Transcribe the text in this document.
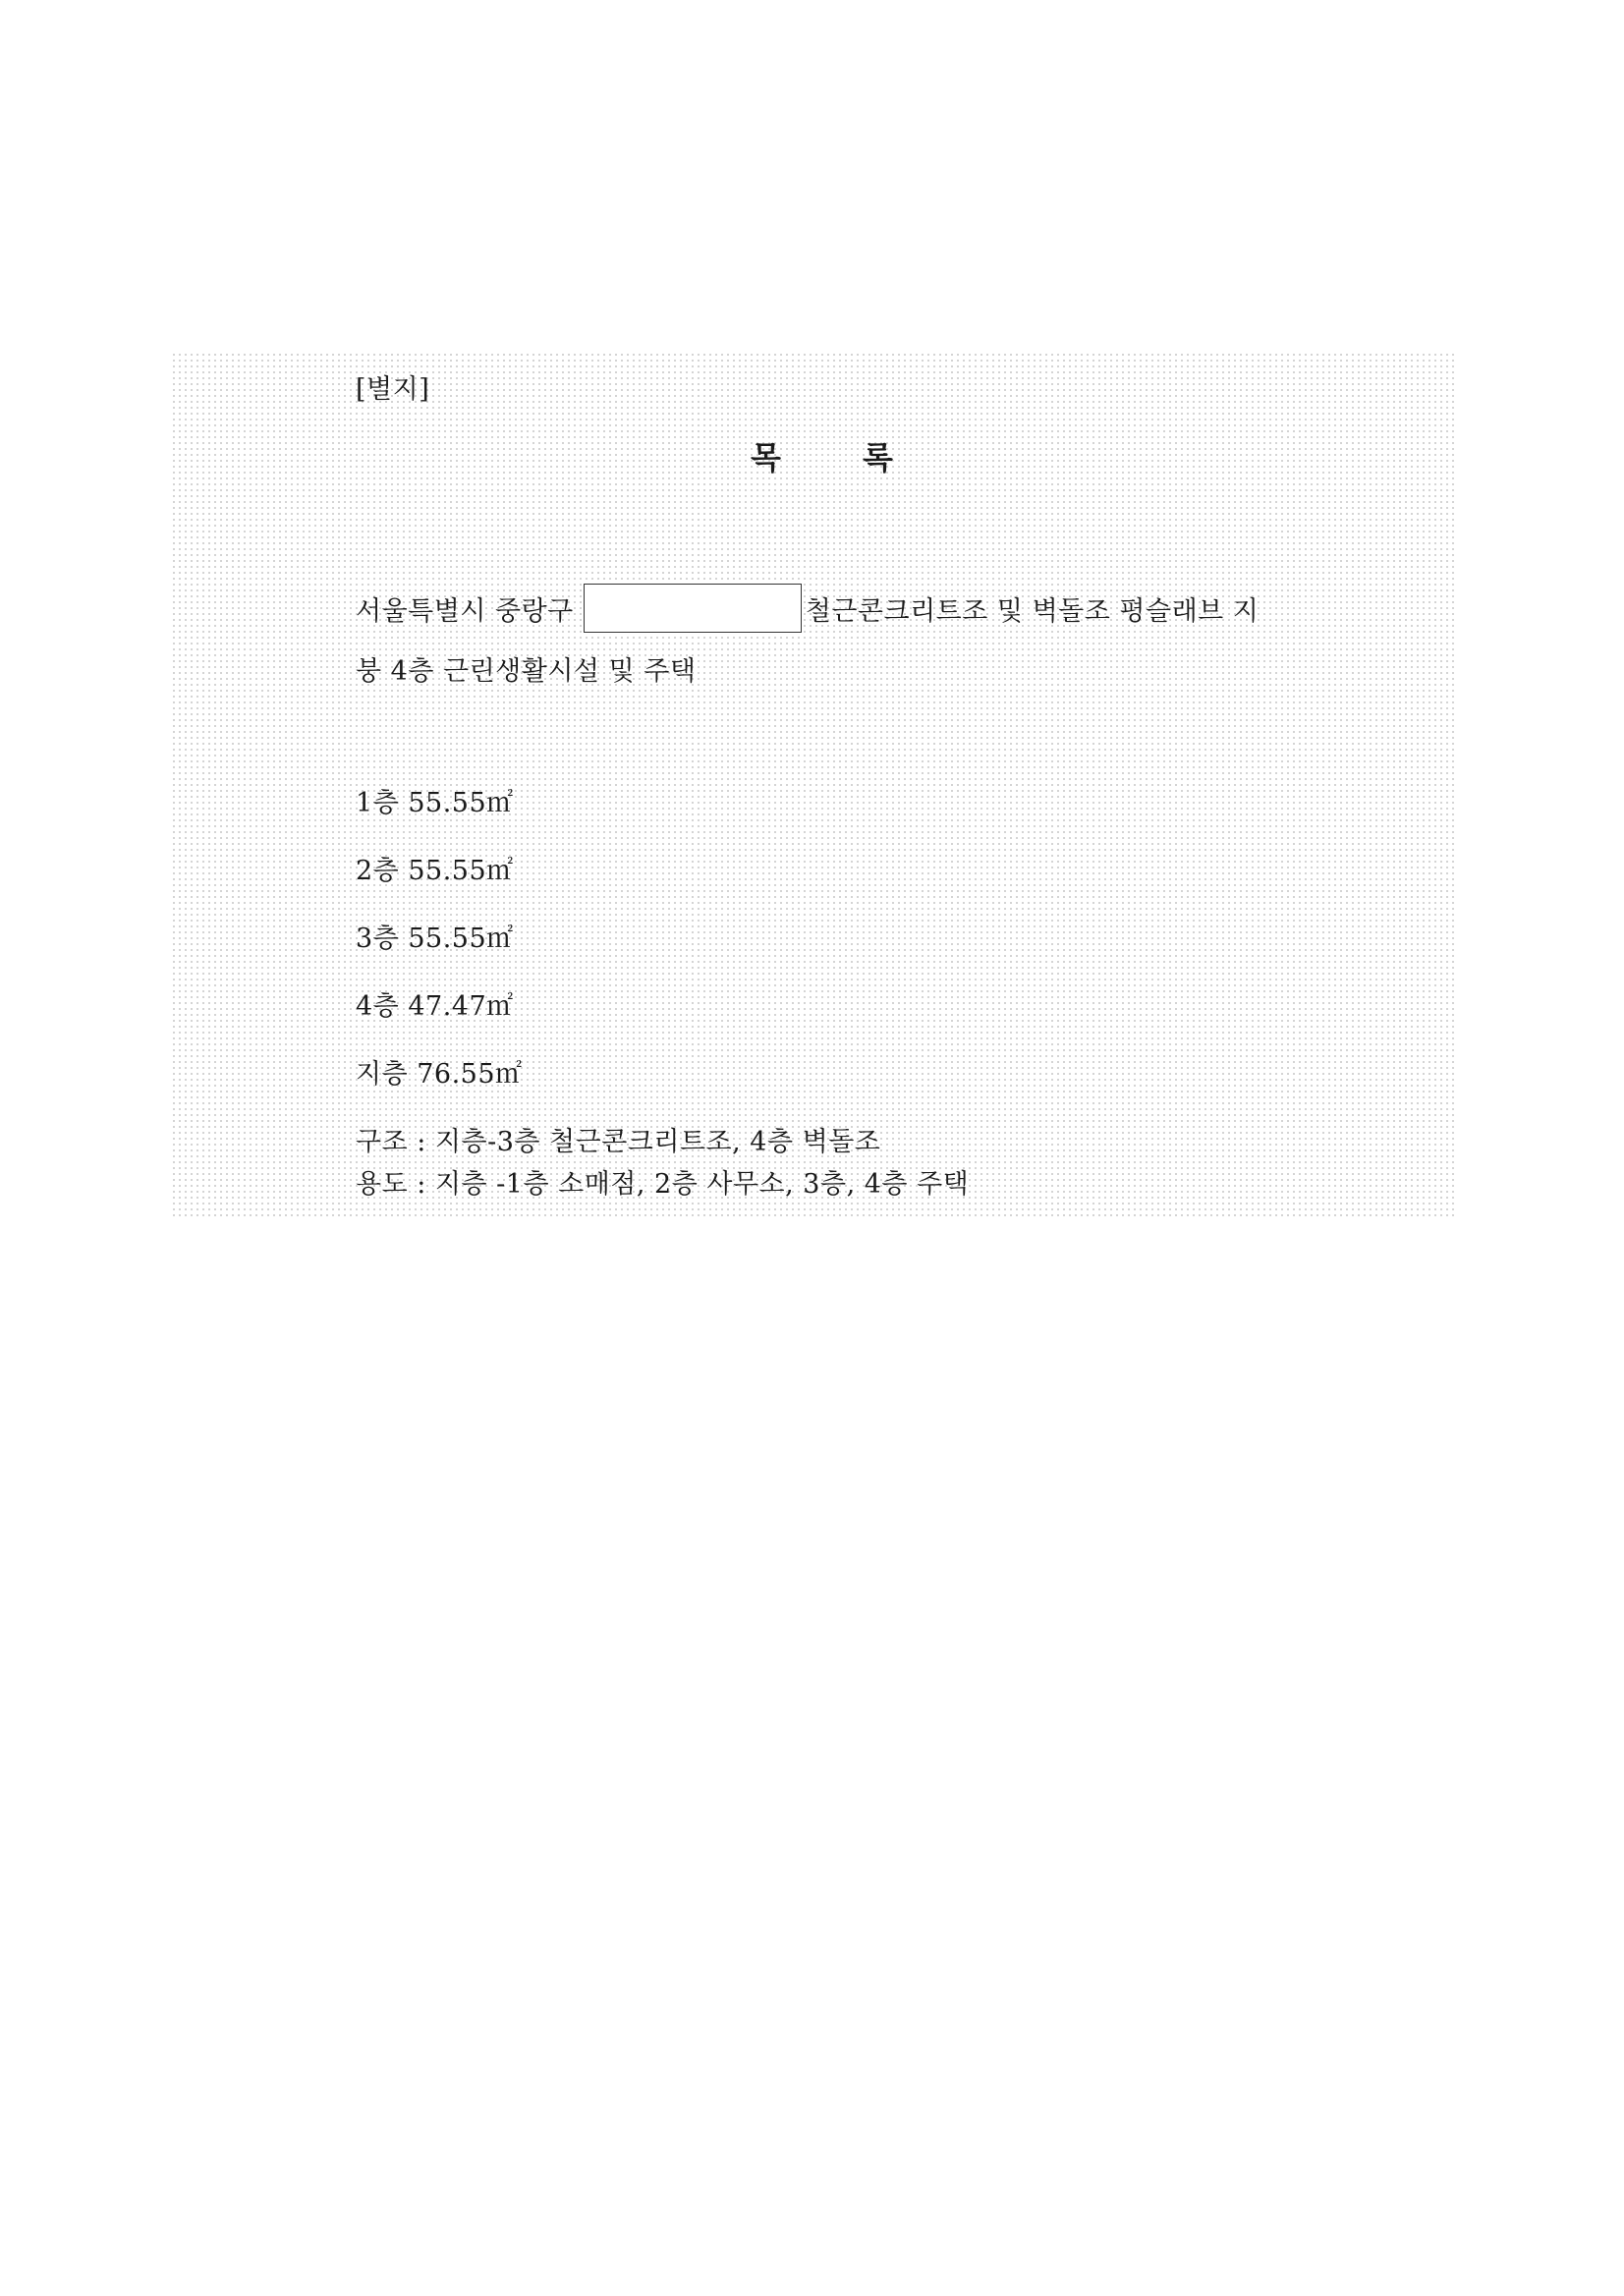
[별지]
목 록
서울특별시 중랑구	철근콘크리트조 및 벽돌조 평슬래브 지
붕 4층 근린생활시설 및 주택
1층 55.55㎡
2층 55.55㎡
3층 55.55㎡
4층 47.47㎡
지층 76.55㎡
구조 : 지층-3층 철근콘크리트조, 4층 벽돌조
용도 : 지층 -1층 소매점, 2층 사무소, 3층, 4층 주택
